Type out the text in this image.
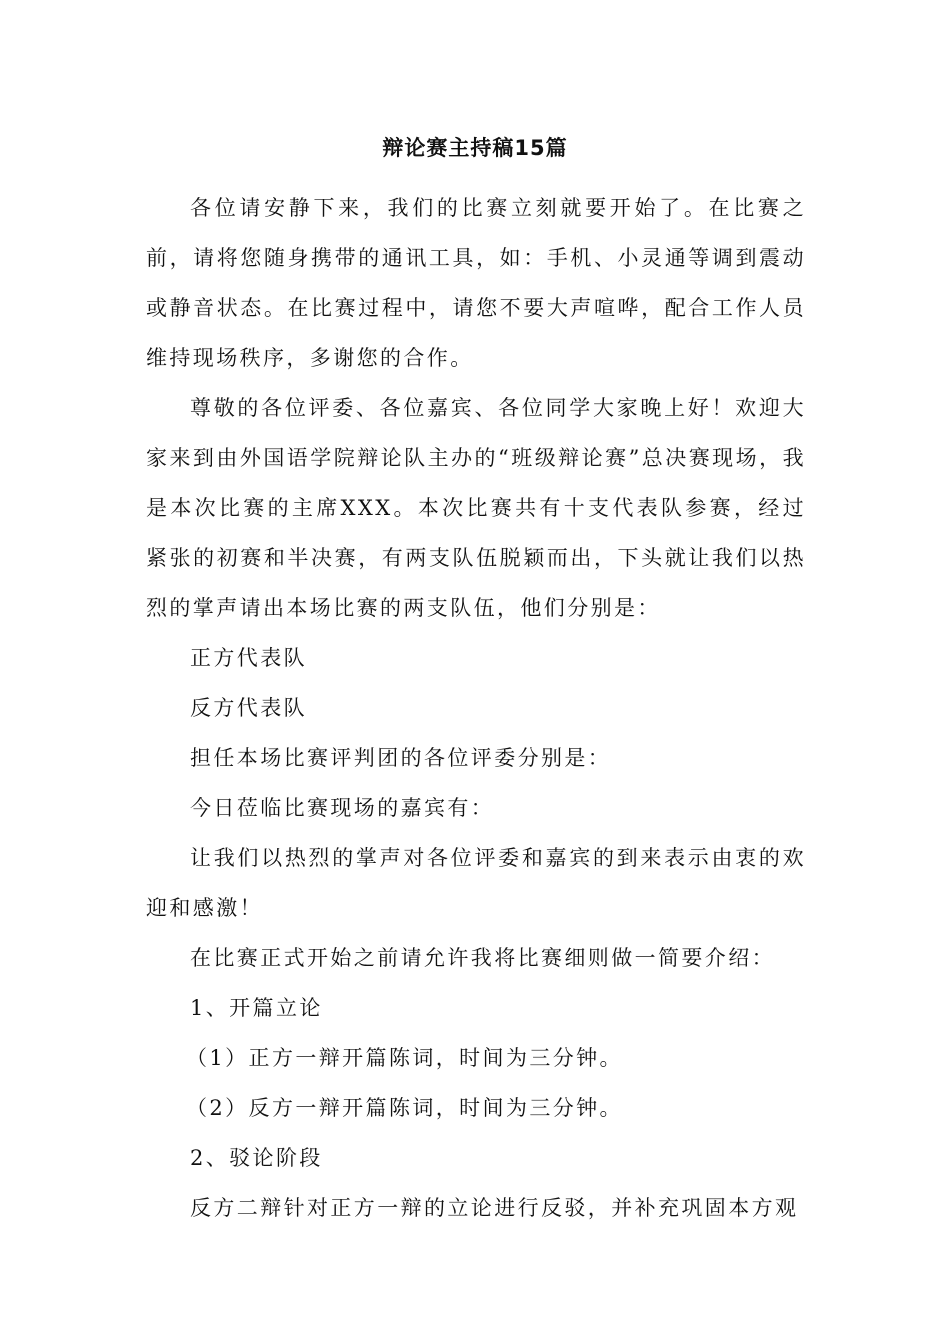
辩论赛主持稿15篇

各位请安静下来，我们的比赛立刻就要开始了。在比赛之前，请将您随身携带的通讯工具，如：手机、小灵通等调到震动或静音状态。在比赛过程中，请您不要大声喧哗，配合工作人员维持现场秩序，多谢您的合作。

尊敬的各位评委、各位嘉宾、各位同学大家晚上好！欢迎大家来到由外国语学院辩论队主办的“班级辩论赛”总决赛现场，我是本次比赛的主席XXX。本次比赛共有十支代表队参赛，经过紧张的初赛和半决赛，有两支队伍脱颖而出，下头就让我们以热烈的掌声请出本场比赛的两支队伍，他们分别是：

正方代表队

反方代表队

担任本场比赛评判团的各位评委分别是：

今日莅临比赛现场的嘉宾有：

让我们以热烈的掌声对各位评委和嘉宾的到来表示由衷的欢迎和感激！

在比赛正式开始之前请允许我将比赛细则做一简要介绍：

1、开篇立论

（1）正方一辩开篇陈词，时间为三分钟。

（2）反方一辩开篇陈词，时间为三分钟。

2、驳论阶段

反方二辩针对正方一辩的立论进行反驳，并补充巩固本方观
